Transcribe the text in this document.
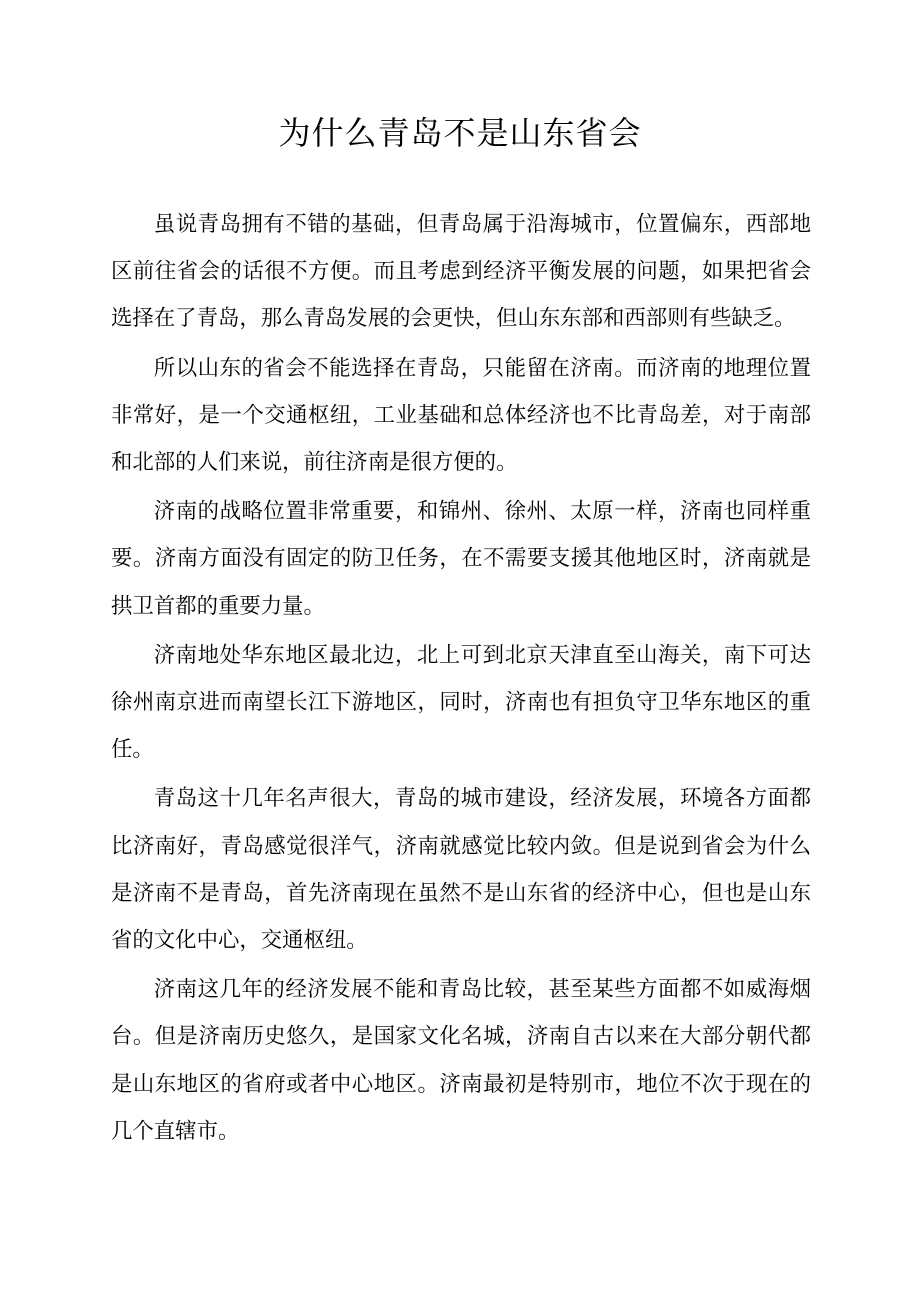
为什么青岛不是山东省会

虽说青岛拥有不错的基础，但青岛属于沿海城市，位置偏东，西部地区前往省会的话很不方便。而且考虑到经济平衡发展的问题，如果把省会选择在了青岛，那么青岛发展的会更快，但山东东部和西部则有些缺乏。

所以山东的省会不能选择在青岛，只能留在济南。而济南的地理位置非常好，是一个交通枢纽，工业基础和总体经济也不比青岛差，对于南部和北部的人们来说，前往济南是很方便的。

济南的战略位置非常重要，和锦州、徐州、太原一样，济南也同样重要。济南方面没有固定的防卫任务，在不需要支援其他地区时，济南就是拱卫首都的重要力量。

济南地处华东地区最北边，北上可到北京天津直至山海关，南下可达徐州南京进而南望长江下游地区，同时，济南也有担负守卫华东地区的重任。

青岛这十几年名声很大，青岛的城市建设，经济发展，环境各方面都比济南好，青岛感觉很洋气，济南就感觉比较内敛。但是说到省会为什么是济南不是青岛，首先济南现在虽然不是山东省的经济中心，但也是山东省的文化中心，交通枢纽。

济南这几年的经济发展不能和青岛比较，甚至某些方面都不如威海烟台。但是济南历史悠久，是国家文化名城，济南自古以来在大部分朝代都是山东地区的省府或者中心地区。济南最初是特别市，地位不次于现在的几个直辖市。
